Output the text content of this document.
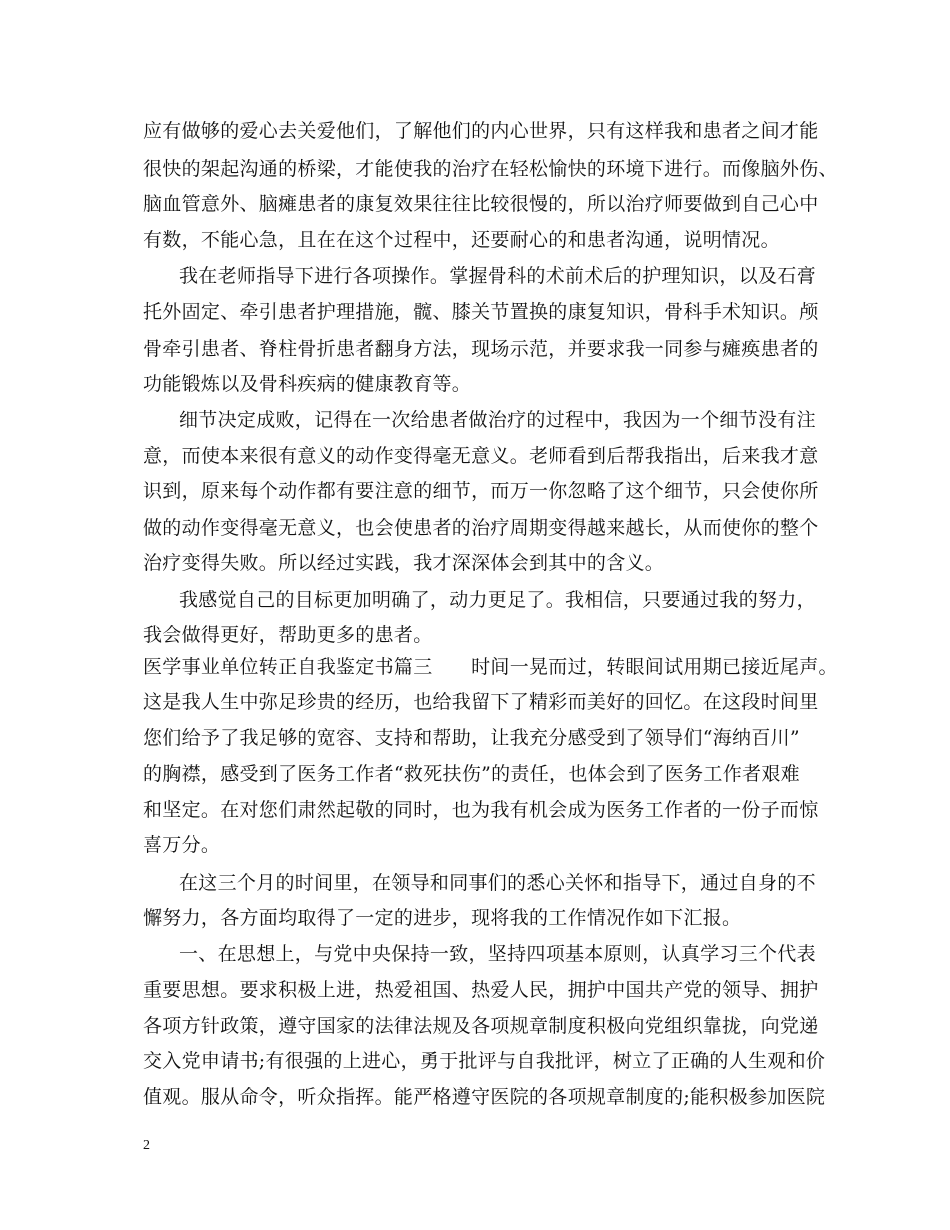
应有做够的爱心去关爱他们，了解他们的内心世界，只有这样我和患者之间才能
很快的架起沟通的桥梁，才能使我的治疗在轻松愉快的环境下进行。而像脑外伤、
脑血管意外、脑瘫患者的康复效果往往比较很慢的，所以治疗师要做到自己心中
有数，不能心急，且在在这个过程中，还要耐心的和患者沟通，说明情况。
我在老师指导下进行各项操作。掌握骨科的术前术后的护理知识，以及石膏
托外固定、牵引患者护理措施，髋、膝关节置换的康复知识，骨科手术知识。颅
骨牵引患者、脊柱骨折患者翻身方法，现场示范，并要求我一同参与瘫痪患者的
功能锻炼以及骨科疾病的健康教育等。
细节决定成败，记得在一次给患者做治疗的过程中，我因为一个细节没有注
意，而使本来很有意义的动作变得毫无意义。老师看到后帮我指出，后来我才意
识到，原来每个动作都有要注意的细节，而万一你忽略了这个细节，只会使你所
做的动作变得毫无意义，也会使患者的治疗周期变得越来越长，从而使你的整个
治疗变得失败。所以经过实践，我才深深体会到其中的含义。
我感觉自己的目标更加明确了，动力更足了。我相信，只要通过我的努力，
我会做得更好，帮助更多的患者。
医学事业单位转正自我鉴定书篇三　　时间一晃而过，转眼间试用期已接近尾声。
这是我人生中弥足珍贵的经历，也给我留下了精彩而美好的回忆。在这段时间里
您们给予了我足够的宽容、支持和帮助，让我充分感受到了领导们“海纳百川”
的胸襟，感受到了医务工作者“救死扶伤”的责任，也体会到了医务工作者艰难
和坚定。在对您们肃然起敬的同时，也为我有机会成为医务工作者的一份子而惊
喜万分。
在这三个月的时间里，在领导和同事们的悉心关怀和指导下，通过自身的不
懈努力，各方面均取得了一定的进步，现将我的工作情况作如下汇报。
一、在思想上，与党中央保持一致，坚持四项基本原则，认真学习三个代表
重要思想。要求积极上进，热爱祖国、热爱人民，拥护中国共产党的领导、拥护
各项方针政策，遵守国家的法律法规及各项规章制度积极向党组织靠拢，向党递
交入党申请书;有很强的上进心，勇于批评与自我批评，树立了正确的人生观和价
值观。服从命令，听众指挥。能严格遵守医院的各项规章制度的;能积极参加医院
2
